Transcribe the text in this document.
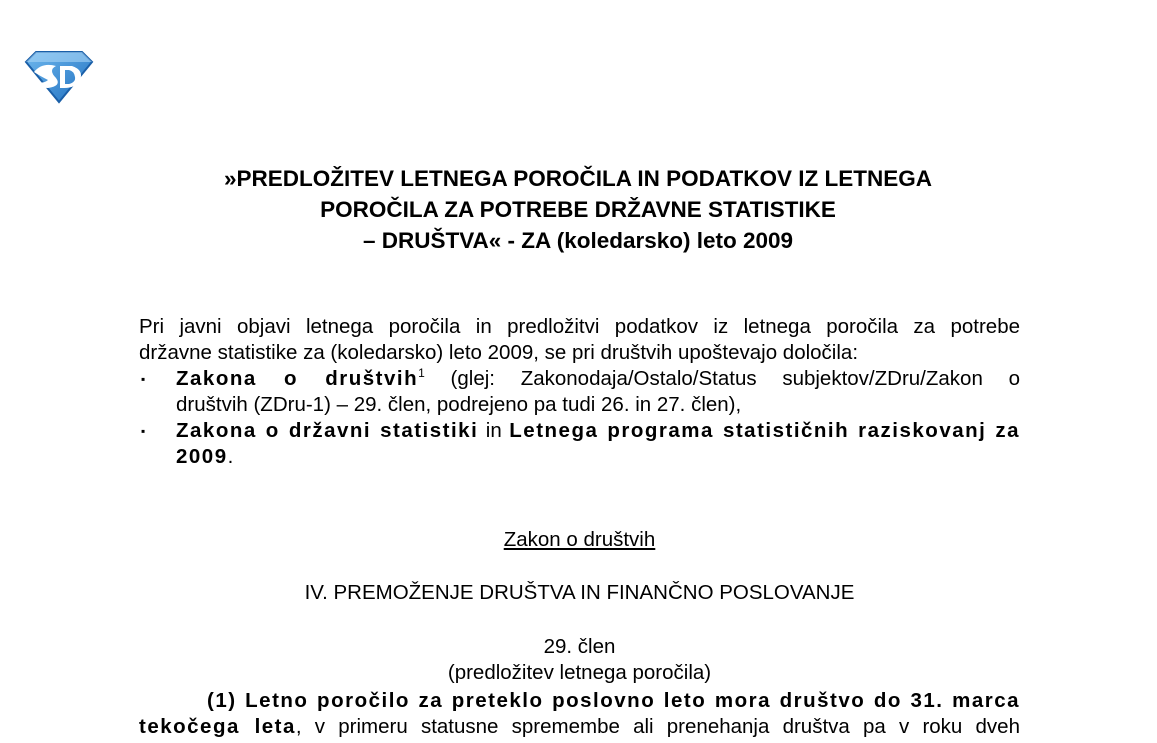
»PREDLOŽITEV LETNEGA POROČILA IN PODATKOV IZ LETNEGA
POROČILA ZA POTREBE DRŽAVNE STATISTIKE
– DRUŠTVA« - ZA (koledarsko) leto 2009

Pri javni objavi letnega poročila in predložitvi podatkov iz letnega poročila za potrebe

državne statistike za (koledarsko) leto 2009, se pri društvih upoštevajo določila:

▪ Zakona o društvih$^1$ (glej: Zakonodaja/Ostalo/Status subjektov/ZDru/Zakon o
društvih (ZDru-1) – 29. člen, podrejeno pa tudi 26. in 27. člen),
▪ Zakona o državni statistiki in Letnega programa statističnih raziskovanj za
2009.
Zakon o društvih
IV. PREMOŽENJE DRUŠTVA IN FINANČNO POSLOVANJE
29. člen
(predložitev letnega poročila)
(1) Letno poročilo za preteklo poslovno leto mora društvo do 31. marca
tekočega leta, v primeru statusne spremembe ali prenehanja društva pa v roku dveh
